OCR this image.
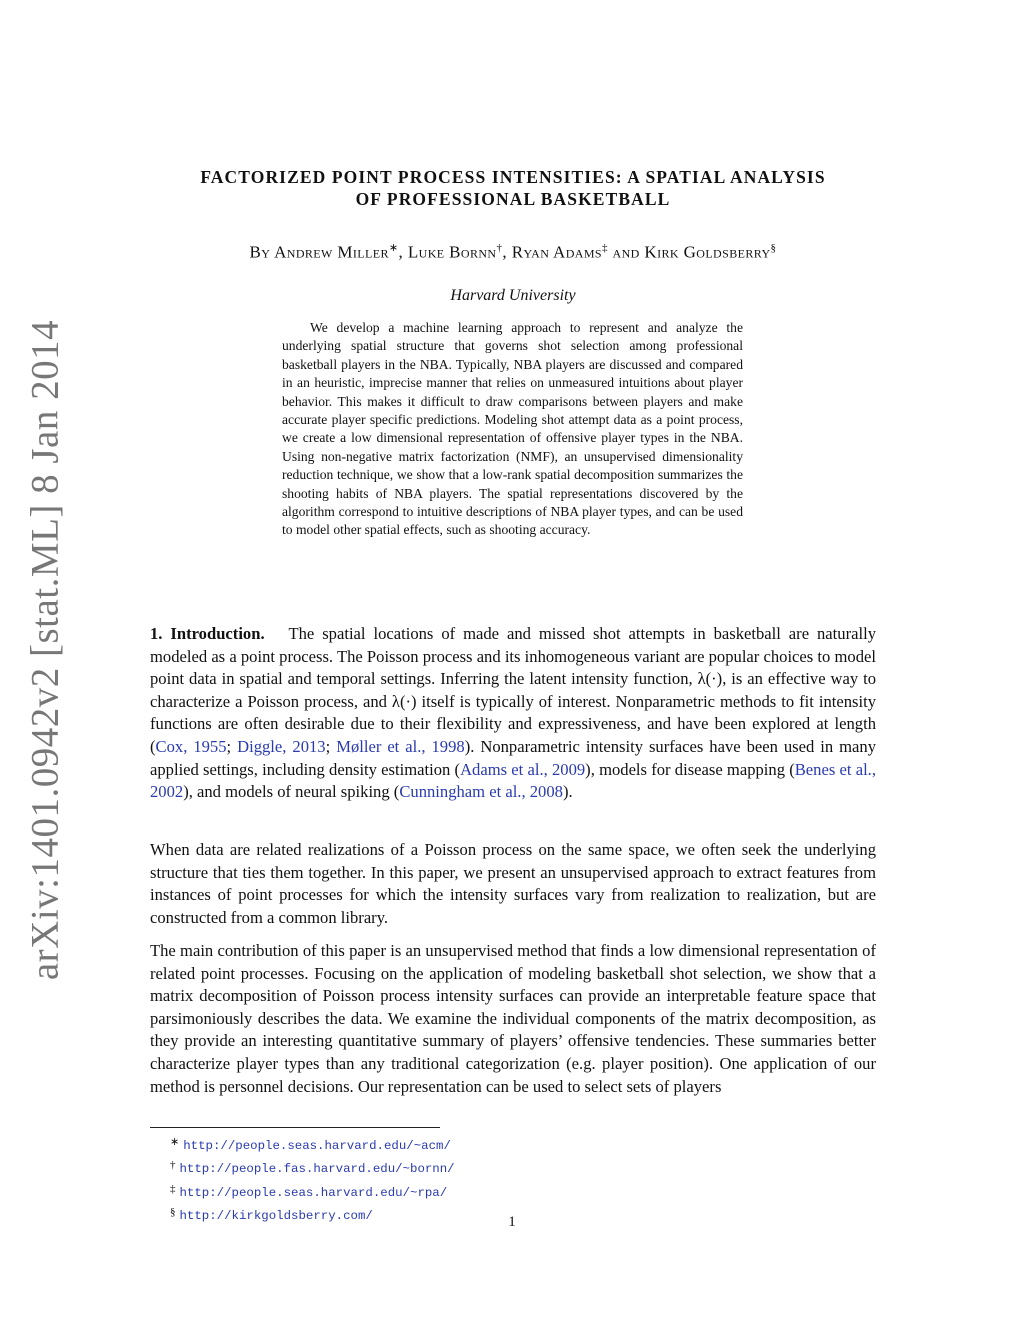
arXiv:1401.0942v2 [stat.ML] 8 Jan 2014
FACTORIZED POINT PROCESS INTENSITIES: A SPATIAL ANALYSIS
OF PROFESSIONAL BASKETBALL
By Andrew Miller∗, Luke Bornn†, Ryan Adams‡ and Kirk Goldsberry§
Harvard University

We develop a machine learning approach to represent and analyze the underlying spatial structure that governs shot selection among professional basketball players in the NBA. Typically, NBA players are discussed and compared in an heuristic, imprecise manner that relies on unmeasured intuitions about player behavior. This makes it difficult to draw comparisons between players and make accurate player specific predictions. Modeling shot attempt data as a point process, we create a low dimensional representation of offensive player types in the NBA. Using non-negative matrix factorization (NMF), an unsupervised dimensionality reduction technique, we show that a low-rank spatial decomposition summarizes the shooting habits of NBA players. The spatial representations discovered by the algorithm correspond to intuitive descriptions of NBA player types, and can be used to model other spatial effects, such as shooting accuracy.

1. Introduction. The spatial locations of made and missed shot attempts in basketball are naturally modeled as a point process. The Poisson process and its inhomogeneous variant are popular choices to model point data in spatial and temporal settings. Inferring the latent intensity function, λ(·), is an effective way to characterize a Poisson process, and λ(·) itself is typically of interest. Nonparametric methods to fit intensity functions are often desirable due to their flexibility and expressiveness, and have been explored at length (Cox, 1955; Diggle, 2013; Møller et al., 1998). Nonparametric intensity surfaces have been used in many applied settings, including density estimation (Adams et al., 2009), models for disease mapping (Benes et al., 2002), and models of neural spiking (Cunningham et al., 2008).

When data are related realizations of a Poisson process on the same space, we often seek the underlying structure that ties them together. In this paper, we present an unsupervised approach to extract features from instances of point processes for which the intensity surfaces vary from realization to realization, but are constructed from a common library.

The main contribution of this paper is an unsupervised method that finds a low dimensional representation of related point processes. Focusing on the application of modeling basketball shot selection, we show that a matrix decomposition of Poisson process intensity surfaces can provide an interpretable feature space that parsimoniously describes the data. We examine the individual components of the matrix decomposition, as they provide an interesting quantitative summary of players’ offensive tendencies. These summaries better characterize player types than any traditional categorization (e.g. player position). One application of our method is personnel decisions. Our representation can be used to select sets of players

∗ http://people.seas.harvard.edu/~acm/
† http://people.fas.harvard.edu/~bornn/
‡ http://people.seas.harvard.edu/~rpa/
§ http://kirkgoldsberry.com/	1
